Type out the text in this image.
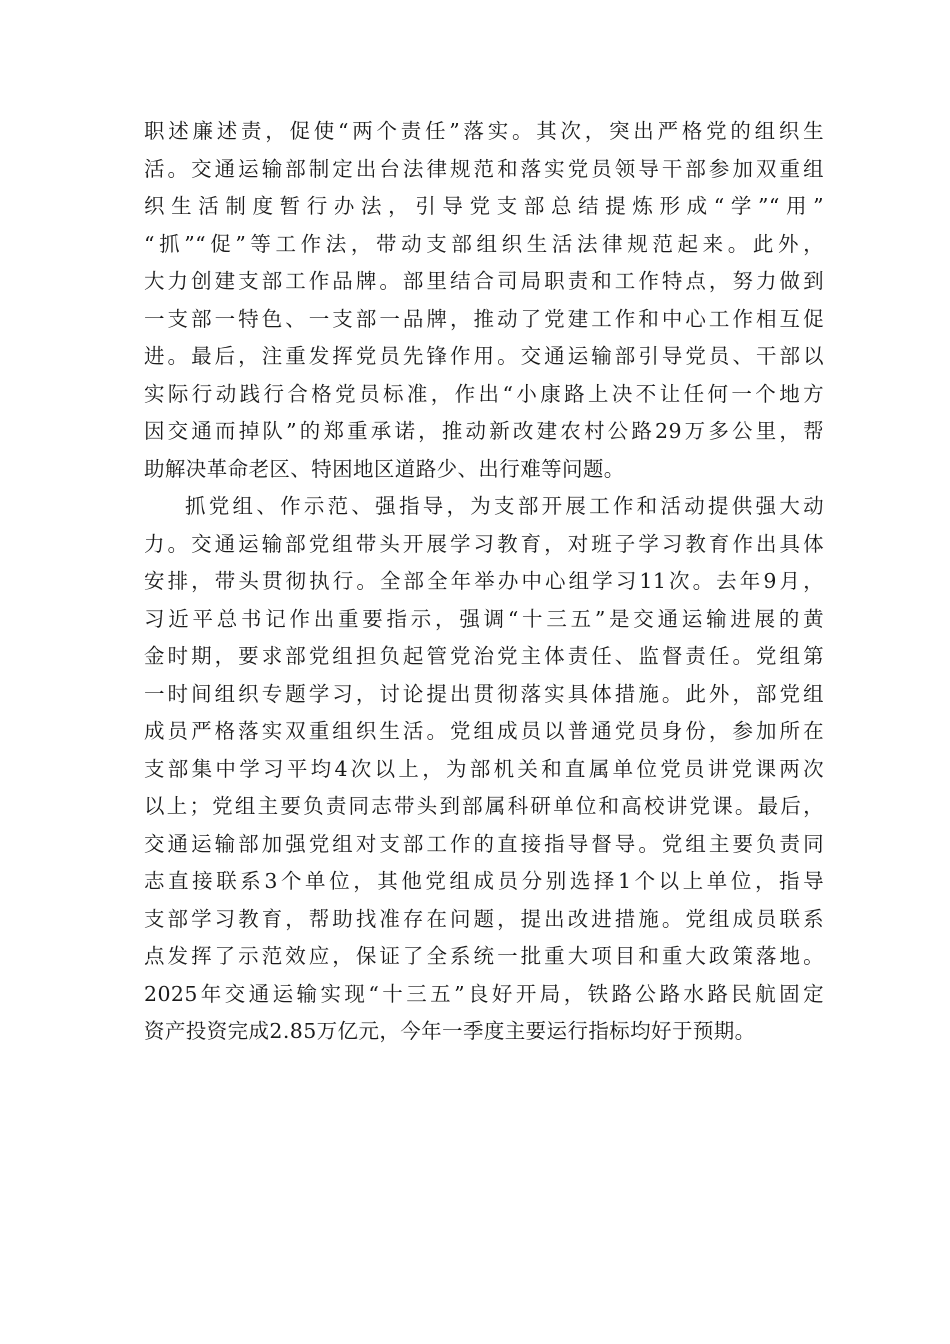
职述廉述责，促使“两个责任”落实。其次，突出严格党的组织生
活。交通运输部制定出台法律规范和落实党员领导干部参加双重组
织生活制度暂行办法，引导党支部总结提炼形成“学”“用”
“抓”“促”等工作法，带动支部组织生活法律规范起来。此外，
大力创建支部工作品牌。部里结合司局职责和工作特点，努力做到
一支部一特色、一支部一品牌，推动了党建工作和中心工作相互促
进。最后，注重发挥党员先锋作用。交通运输部引导党员、干部以
实际行动践行合格党员标准，作出“小康路上决不让任何一个地方
因交通而掉队”的郑重承诺，推动新改建农村公路29万多公里，帮
助解决革命老区、特困地区道路少、出行难等问题。
抓党组、作示范、强指导，为支部开展工作和活动提供强大动
力。交通运输部党组带头开展学习教育，对班子学习教育作出具体
安排，带头贯彻执行。全部全年举办中心组学习11次。去年9月，
习近平总书记作出重要指示，强调“十三五”是交通运输进展的黄
金时期，要求部党组担负起管党治党主体责任、监督责任。党组第
一时间组织专题学习，讨论提出贯彻落实具体措施。此外，部党组
成员严格落实双重组织生活。党组成员以普通党员身份，参加所在
支部集中学习平均4次以上，为部机关和直属单位党员讲党课两次
以上；党组主要负责同志带头到部属科研单位和高校讲党课。最后，
交通运输部加强党组对支部工作的直接指导督导。党组主要负责同
志直接联系3个单位，其他党组成员分别选择1个以上单位，指导
支部学习教育，帮助找准存在问题，提出改进措施。党组成员联系
点发挥了示范效应，保证了全系统一批重大项目和重大政策落地。
2025年交通运输实现“十三五”良好开局，铁路公路水路民航固定
资产投资完成2.85万亿元，今年一季度主要运行指标均好于预期。
